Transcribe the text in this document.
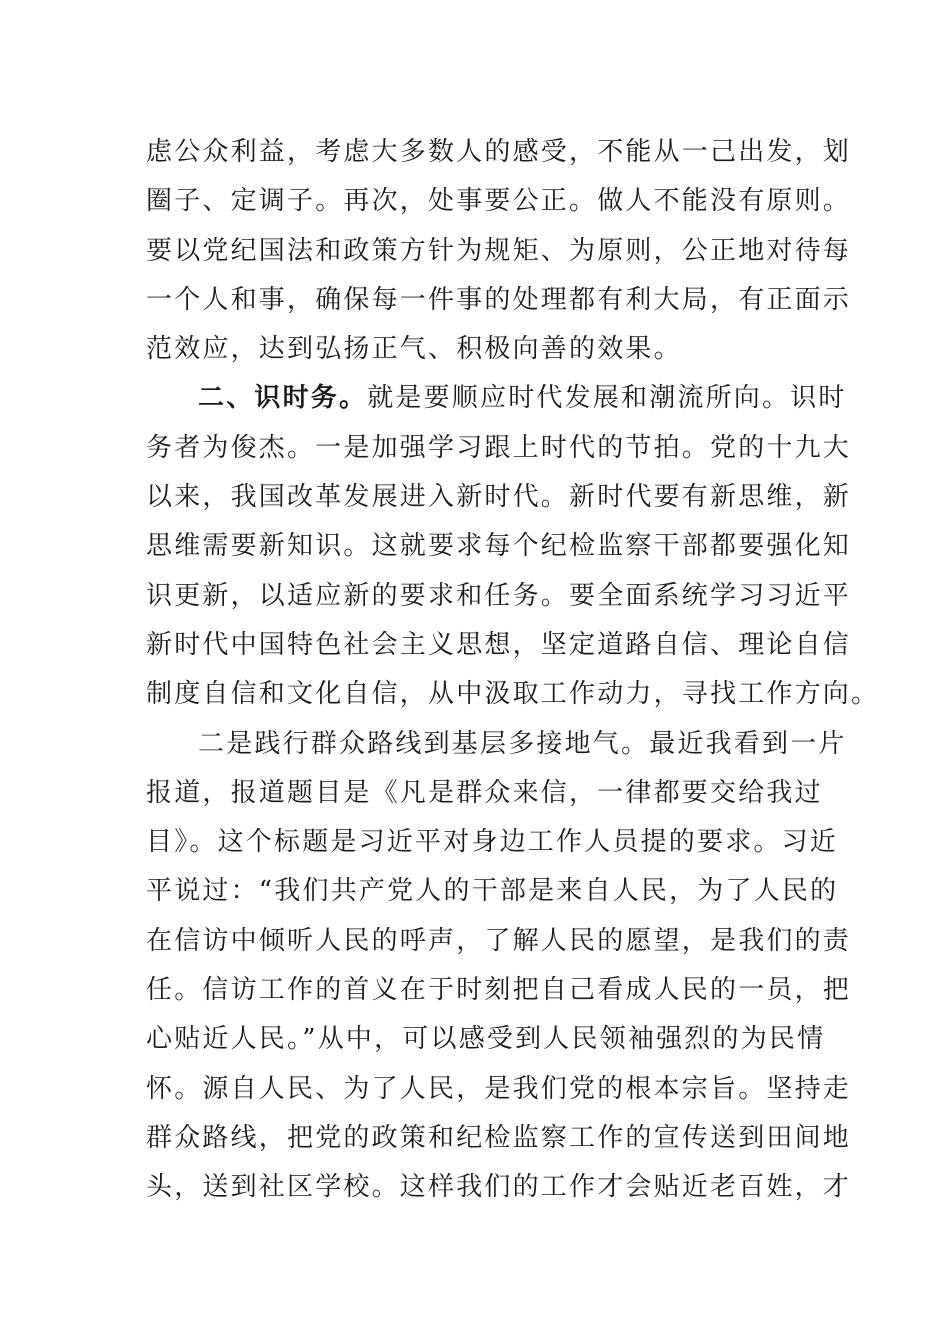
虑公众利益，考虑大多数人的感受，不能从一己出发，划
圈子、定调子。再次，处事要公正。做人不能没有原则。
要以党纪国法和政策方针为规矩、为原则，公正地对待每
一个人和事，确保每一件事的处理都有利大局，有正面示
范效应，达到弘扬正气、积极向善的效果。
二、识时务。就是要顺应时代发展和潮流所向。识时
务者为俊杰。一是加强学习跟上时代的节拍。党的十九大
以来，我国改革发展进入新时代。新时代要有新思维，新
思维需要新知识。这就要求每个纪检监察干部都要强化知
识更新，以适应新的要求和任务。要全面系统学习习近平
新时代中国特色社会主义思想，坚定道路自信、理论自信
制度自信和文化自信，从中汲取工作动力，寻找工作方向。
二是践行群众路线到基层多接地气。最近我看到一片
报道，报道题目是《凡是群众来信，一律都要交给我过
目》。这个标题是习近平对身边工作人员提的要求。习近
平说过：“我们共产党人的干部是来自人民，为了人民的
在信访中倾听人民的呼声，了解人民的愿望，是我们的责
任。信访工作的首义在于时刻把自己看成人民的一员，把
心贴近人民。”从中，可以感受到人民领袖强烈的为民情
怀。源自人民、为了人民，是我们党的根本宗旨。坚持走
群众路线，把党的政策和纪检监察工作的宣传送到田间地
头，送到社区学校。这样我们的工作才会贴近老百姓，才
